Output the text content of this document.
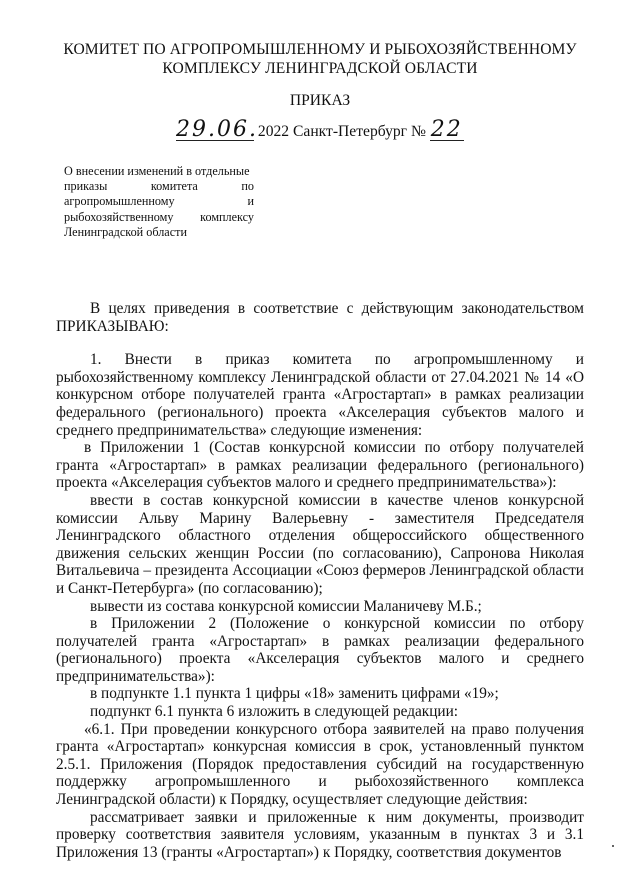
КОМИТЕТ ПО АГРОПРОМЫШЛЕННОМУ И РЫБОХОЗЯЙСТВЕННОМУ
КОМПЛЕКСУ ЛЕНИНГРАДСКОЙ ОБЛАСТИ
ПРИКАЗ
29.06. 2022 Санкт-Петербург № 22
О внесении изменений в отдельные
приказы комитета по
агропромышленному и
рыбохозяйственному комплексу
Ленинградской области

В целях приведения в соответствие с действующим законодательством ПРИКАЗЫВАЮ:

1. Внести в приказ комитета по агропромышленному и рыбохозяйственному комплексу Ленинградской области от 27.04.2021 № 14 «О конкурсном отборе получателей гранта «Агростартап» в рамках реализации федерального (регионального) проекта «Акселерация субъектов малого и среднего предпринимательства» следующие изменения:

в Приложении 1 (Состав конкурсной комиссии по отбору получателей гранта «Агростартап» в рамках реализации федерального (регионального) проекта «Акселерация субъектов малого и среднего предпринимательства»):

ввести в состав конкурсной комиссии в качестве членов конкурсной комиссии Альву Марину Валерьевну - заместителя Председателя Ленинградского областного отделения общероссийского общественного движения сельских женщин России (по согласованию), Сапронова Николая Витальевича – президента Ассоциации «Союз фермеров Ленинградской области и Санкт-Петербурга» (по согласованию);

вывести из состава конкурсной комиссии Маланичеву М.Б.;

в Приложении 2 (Положение о конкурсной комиссии по отбору получателей гранта «Агростартап» в рамках реализации федерального (регионального) проекта «Акселерация субъектов малого и среднего предпринимательства»):

в подпункте 1.1 пункта 1 цифры «18» заменить цифрами «19»;

подпункт 6.1 пункта 6 изложить в следующей редакции:

«6.1. При проведении конкурсного отбора заявителей на право получения гранта «Агростартап» конкурсная комиссия в срок, установленный пунктом 2.5.1. Приложения (Порядок предоставления субсидий на государственную поддержку агропромышленного и рыбохозяйственного комплекса Ленинградской области) к Порядку, осуществляет следующие действия:

рассматривает заявки и приложенные к ним документы, производит проверку соответствия заявителя условиям, указанным в пунктах 3 и 3.1 Приложения 13 (гранты «Агростартап») к Порядку, соответствия документов
